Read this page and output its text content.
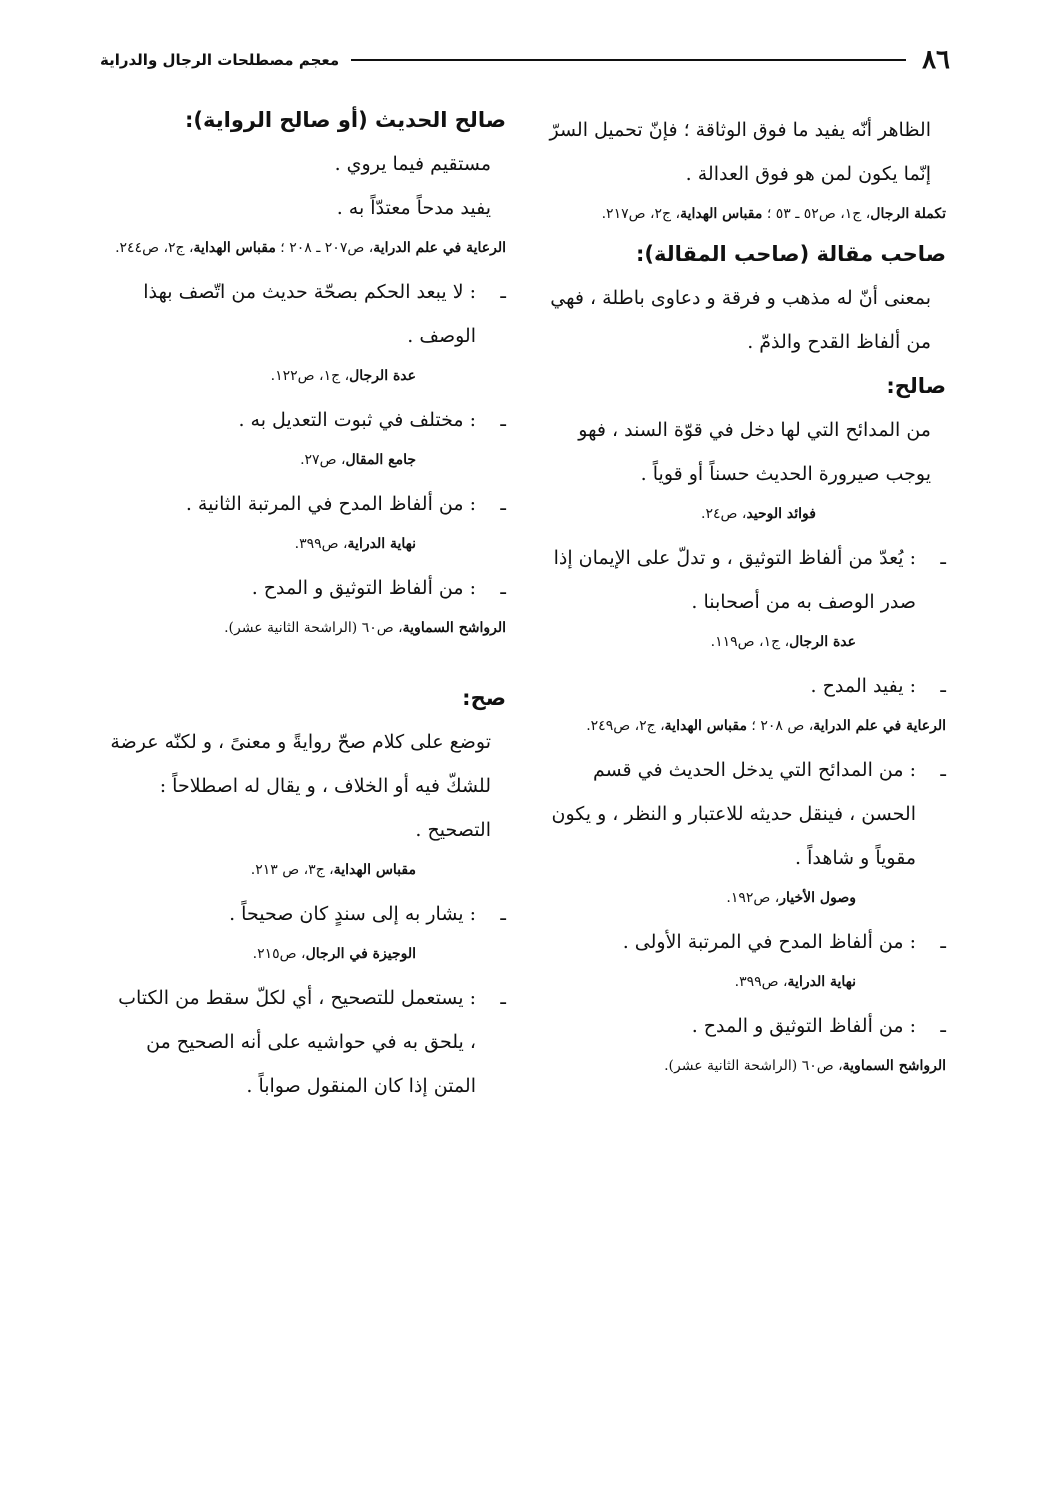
٨٦
معجم مصطلحات الرجال والدراية

الظاهر أنّه يفيد ما فوق الوثاقة ؛ فإنّ تحميل السرّ إنّما يكون لمن هو فوق العدالة .

تكملة الرجال، ج١، ص٥٢ ـ ٥٣ ؛ مقباس الهداية، ج٢، ص٢١٧.

صاحب مقالة (صاحب المقالة):

بمعنى أنّ له مذهب و فرقة و دعاوى باطلة ، فهي من ألفاظ القدح والذمّ .

صالح:

من المدائح التي لها دخل في قوّة السند ، فهو يوجب صيرورة الحديث حسناً أو قوياً .

فوائد الوحيد، ص٢٤.

ـ
: يُعدّ من ألفاظ التوثيق ، و تدلّ على الإيمان إذا صدر الوصف به من أصحابنا .

عدة الرجال، ج١، ص١١٩.

ـ
: يفيد المدح .

الرعاية في علم الدراية، ص ٢٠٨ ؛ مقباس الهداية، ج٢، ص٢٤٩.

ـ
: من المدائح التي يدخل الحديث في قسم الحسن ، فينقل حديثه للاعتبار و النظر ، و يكون مقوياً و شاهداً .

وصول الأخيار، ص١٩٢.

ـ
: من ألفاظ المدح في المرتبة الأولى .

نهاية الدراية، ص٣٩٩.

ـ
: من ألفاظ التوثيق و المدح .

الرواشح السماوية، ص٦٠ (الراشحة الثانية عشر).

صالح الحديث (أو صالح الرواية):

مستقيم فيما يروي .

يفيد مدحاً معتدّاً به .

الرعاية في علم الدراية، ص٢٠٧ ـ ٢٠٨ ؛ مقباس الهداية، ج٢، ص٢٤٤.

ـ
: لا يبعد الحكم بصحّة حديث من اتّصف بهذا الوصف .

عدة الرجال، ج١، ص١٢٢.

ـ
: مختلف في ثبوت التعديل به .

جامع المقال، ص٢٧.

ـ
: من ألفاظ المدح في المرتبة الثانية .

نهاية الدراية، ص٣٩٩.

ـ
: من ألفاظ التوثيق و المدح .

الرواشح السماوية، ص٦٠ (الراشحة الثانية عشر).

صح:

توضع على كلام صحّ روايةً و معنىً ، و لكنّه عرضة للشكّ فيه أو الخلاف ، و يقال له اصطلاحاً : التصحيح .

مقباس الهداية، ج٣، ص ٢١٣.

ـ
: يشار به إلى سندٍ كان صحيحاً .

الوجيزة في الرجال، ص٢١٥.

ـ
: يستعمل للتصحيح ، أي لكلّ سقط من الكتاب ، يلحق به في حواشيه على أنه الصحيح من المتن إذا كان المنقول صواباً .
